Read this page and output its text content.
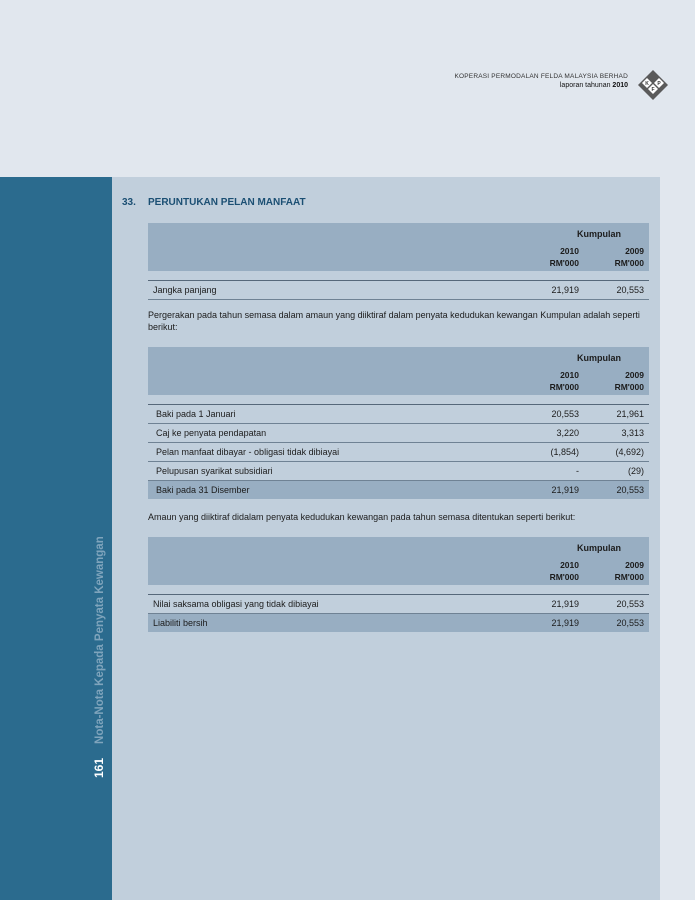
KOPERASI PERMODALAN FELDA MALAYSIA BERHAD
laporan tahunan 2010	K P
F
161Nota-Nota Kepada Penyata Kewangan
33. PERUNTUKAN PELAN MANFAAT
Kumpulan
2010
RM'000
2009
RM'000
Jangka panjang	21,919	20,553
Pergerakan pada tahun semasa dalam amaun yang diiktiraf dalam penyata kedudukan kewangan Kumpulan adalah seperti berikut:
Kumpulan
2010
RM'000
2009
RM'000
Baki pada 1 Januari	20,553	21,961
Caj ke penyata pendapatan	3,220	3,313
Pelan manfaat dibayar - obligasi tidak dibiayai	(1,854)	(4,692)
Pelupusan syarikat subsidiari	-	(29)
Baki pada 31 Disember	21,919	20,553
Amaun yang diiktiraf didalam penyata kedudukan kewangan pada tahun semasa ditentukan seperti berikut:
Kumpulan
2010
RM'000
2009
RM'000
Nilai saksama obligasi yang tidak dibiayai	21,919	20,553
Liabiliti bersih	21,919	20,553
